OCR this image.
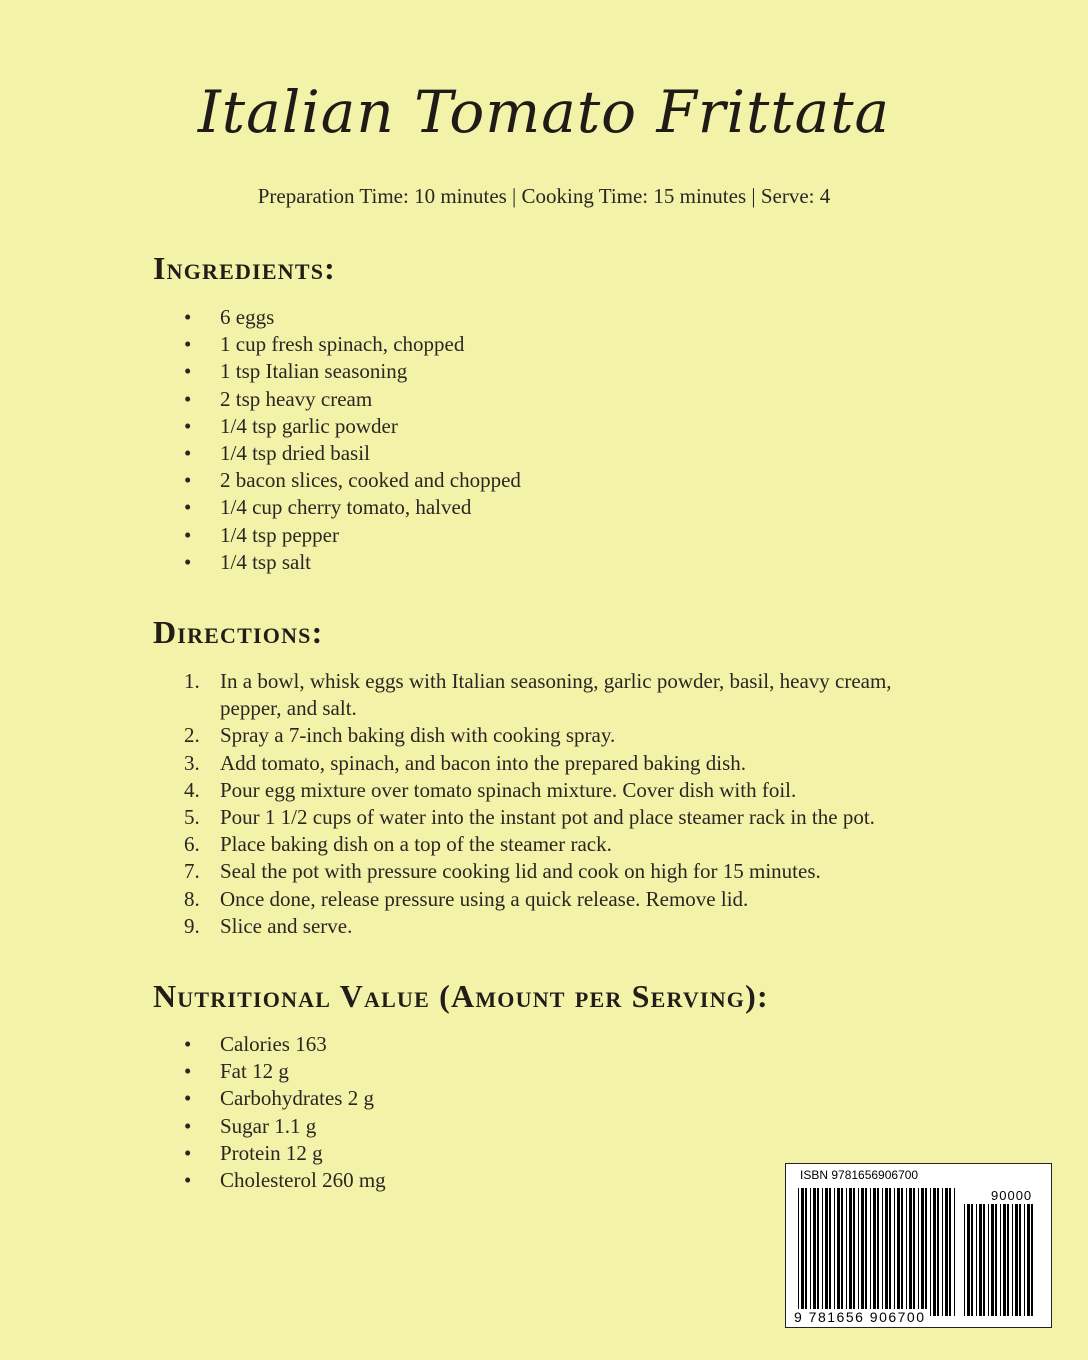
Italian Tomato Frittata
Preparation Time: 10 minutes | Cooking Time: 15 minutes | Serve: 4
Ingredients:
• 6 eggs
• 1 cup fresh spinach, chopped
• 1 tsp Italian seasoning
• 2 tsp heavy cream
• 1/4 tsp garlic powder
• 1/4 tsp dried basil
• 2 bacon slices, cooked and chopped
• 1/4 cup cherry tomato, halved
• 1/4 tsp pepper
• 1/4 tsp salt
Directions:
1. In a bowl, whisk eggs with Italian seasoning, garlic powder, basil, heavy cream, pepper, and salt.
2. Spray a 7-inch baking dish with cooking spray.
3. Add tomato, spinach, and bacon into the prepared baking dish.
4. Pour egg mixture over tomato spinach mixture. Cover dish with foil.
5. Pour 1 1/2 cups of water into the instant pot and place steamer rack in the pot.
6. Place baking dish on a top of the steamer rack.
7. Seal the pot with pressure cooking lid and cook on high for 15 minutes.
8. Once done, release pressure using a quick release. Remove lid.
9. Slice and serve.
Nutritional Value (Amount per Serving):
• Calories 163
• Fat 12 g
• Carbohydrates 2 g
• Sugar 1.1 g
• Protein 12 g
• Cholesterol 260 mg	ISBN 9781656906700
90000
9 781656 906700
